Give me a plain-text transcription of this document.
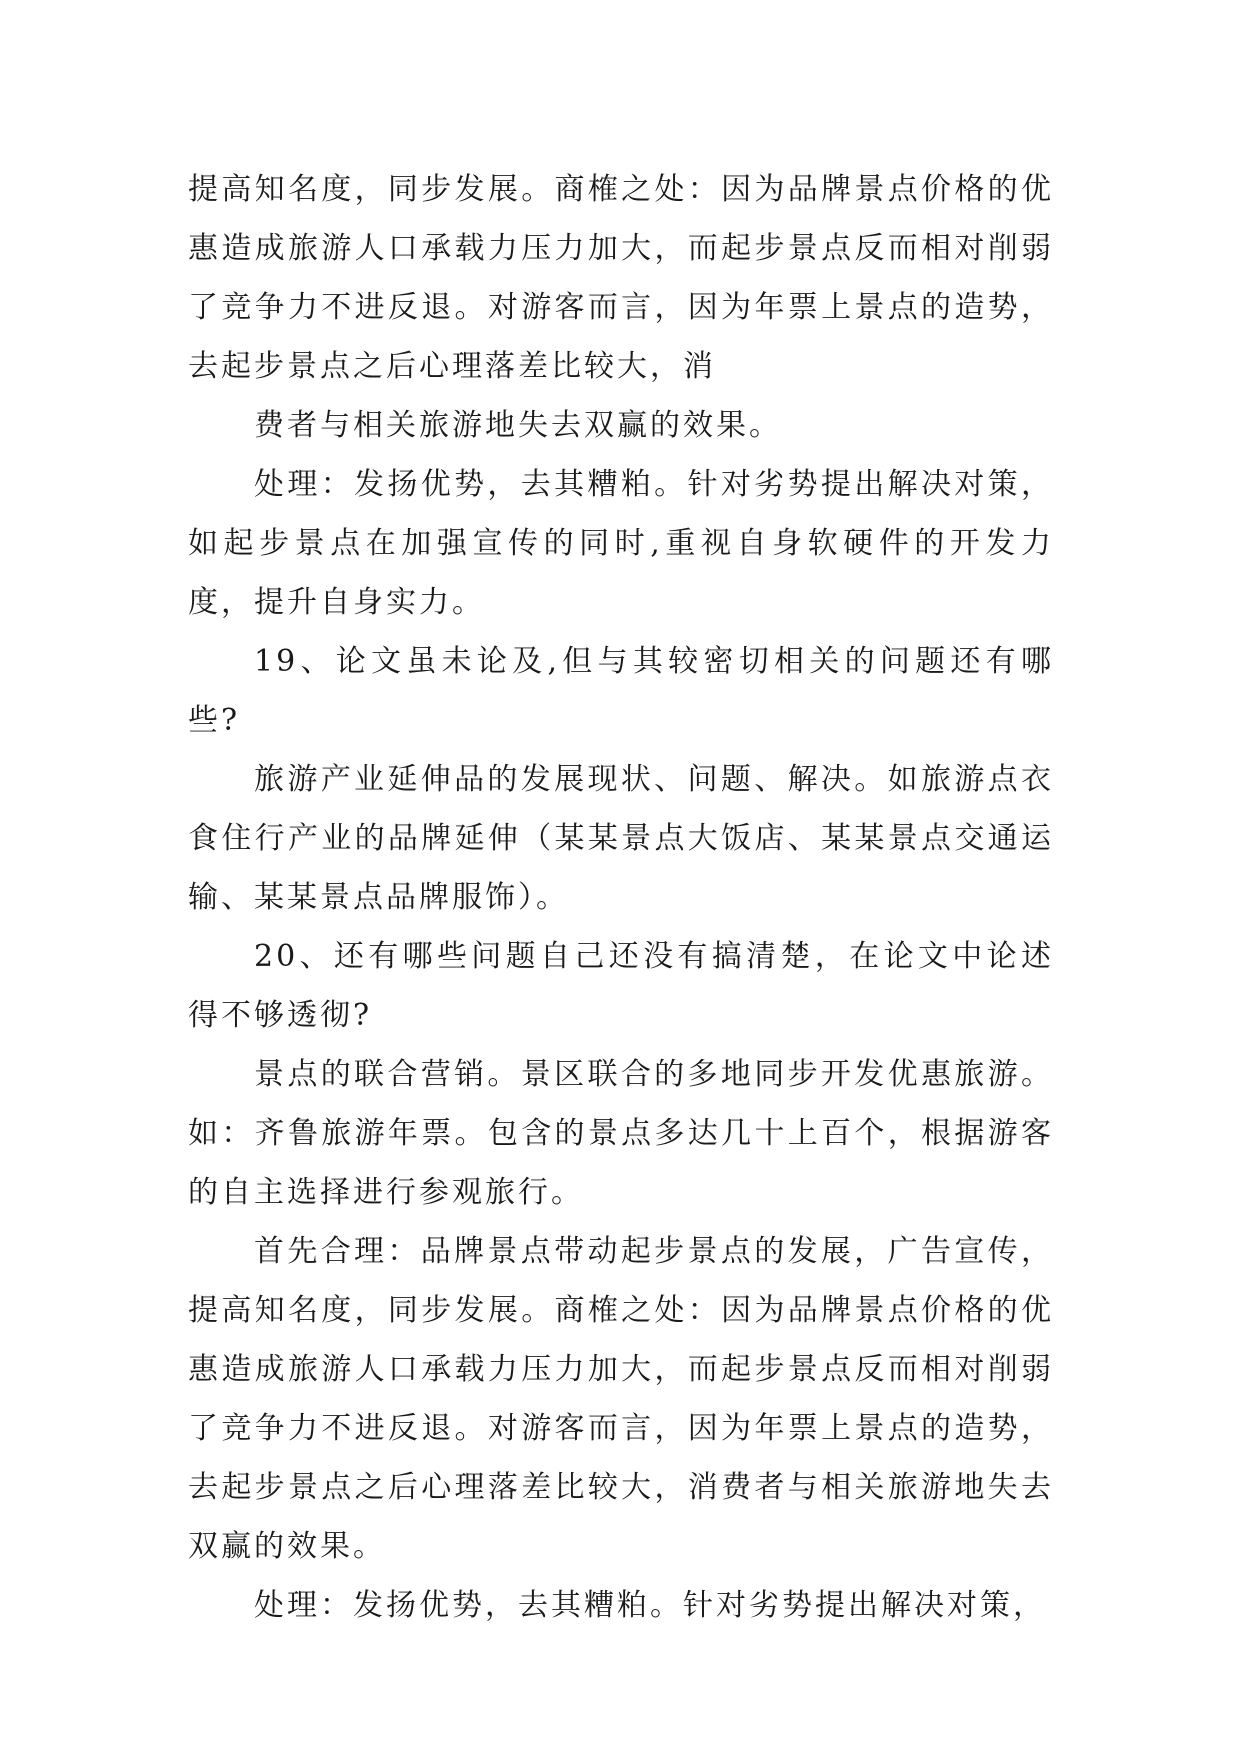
提高知名度，同步发展。商榷之处：因为品牌景点价格的优惠造成旅游人口承载力压力加大，而起步景点反而相对削弱了竞争力不进反退。对游客而言，因为年票上景点的造势，去起步景点之后心理落差比较大，消

费者与相关旅游地失去双赢的效果。

处理：发扬优势，去其糟粕。针对劣势提出解决对策，如起步景点在加强宣传的同时,重视自身软硬件的开发力度，提升自身实力。

19、论文虽未论及,但与其较密切相关的问题还有哪些?

旅游产业延伸品的发展现状、问题、解决。如旅游点衣食住行产业的品牌延伸（某某景点大饭店、某某景点交通运输、某某景点品牌服饰）。

20、还有哪些问题自己还没有搞清楚，在论文中论述得不够透彻?

景点的联合营销。景区联合的多地同步开发优惠旅游。如：齐鲁旅游年票。包含的景点多达几十上百个，根据游客的自主选择进行参观旅行。

首先合理：品牌景点带动起步景点的发展，广告宣传，提高知名度，同步发展。商榷之处：因为品牌景点价格的优惠造成旅游人口承载力压力加大，而起步景点反而相对削弱了竞争力不进反退。对游客而言，因为年票上景点的造势，去起步景点之后心理落差比较大，消费者与相关旅游地失去双赢的效果。

处理：发扬优势，去其糟粕。针对劣势提出解决对策，
